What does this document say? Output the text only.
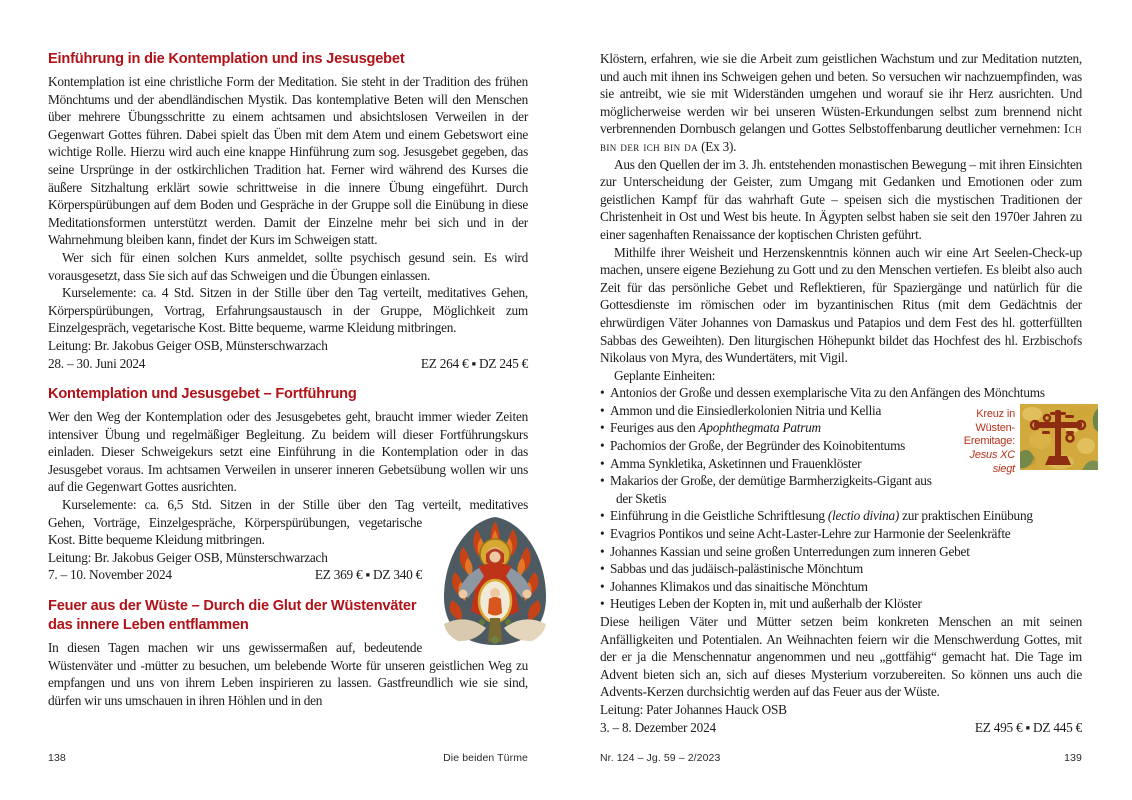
Einführung in die Kontemplation und ins Jesusgebet

Kontemplation ist eine christliche Form der Meditation. Sie steht in der Tradition des frühen Mönchtums und der abendländischen Mystik. Das kontemplative Beten will den Menschen über mehrere Übungsschritte zu einem achtsamen und absichtslosen Verweilen in der Gegenwart Gottes führen. Dabei spielt das Üben mit dem Atem und einem Gebetswort eine wichtige Rolle. Hierzu wird auch eine knappe Hinführung zum sog. Jesusgebet gegeben, das seine Ursprünge in der ostkirchlichen Tradition hat. Ferner wird während des Kurses die äußere Sitzhaltung erklärt sowie schrittweise in die innere Übung eingeführt. Durch Körperspürübungen auf dem Boden und Gespräche in der Gruppe soll die Einübung in diese Meditationsformen unterstützt werden. Damit der Einzelne mehr bei sich und in der Wahrnehmung bleiben kann, findet der Kurs im Schweigen statt.

Wer sich für einen solchen Kurs anmeldet, sollte psychisch gesund sein. Es wird vorausgesetzt, dass Sie sich auf das Schweigen und die Übungen einlassen.

Kurselemente: ca. 4 Std. Sitzen in der Stille über den Tag verteilt, meditatives Gehen, Körperspürübungen, Vortrag, Erfahrungsaustausch in der Gruppe, Möglichkeit zum Einzelgespräch, vegetarische Kost. Bitte bequeme, warme Kleidung mitbringen.

Leitung: Br. Jakobus Geiger OSB, Münsterschwarzach

EZ 264 € ▪ DZ 245 €
28. – 30. Juni 2024
Kontemplation und Jesusgebet – Fortführung

Wer den Weg der Kontemplation oder des Jesusgebetes geht, braucht immer wieder Zeiten intensiver Übung und regelmäßiger Begleitung. Zu beidem will dieser Fortführungskurs einladen. Dieser Schweigekurs setzt eine Einführung in die Kontemplation oder in das Jesusgebet voraus. Im achtsamen Verweilen in unserer inneren Gebetsübung wollen wir uns auf die Gegenwart Gottes ausrichten.

Kurselemente: ca. 6,5 Std. Sitzen in der Stille über den Tag verteilt, meditatives

Gehen, Vorträge, Einzelgespräche, Körperspürübungen, vegetarische Kost. Bitte bequeme Kleidung mitbringen.

Leitung: Br. Jakobus Geiger OSB, Münsterschwarzach

EZ 369 € ▪ DZ 340 €
7. – 10. November 2024
Feuer aus der Wüste – Durch die Glut der Wüstenväter das innere Leben entflammen

In diesen Tagen machen wir uns gewissermaßen auf, bedeutende Wüstenväter und -mütter zu besuchen, um belebende Worte für unseren geistlichen Weg zu empfangen und uns von ihrem Leben inspirieren zu lassen. Gastfreundlich wie sie sind, dürfen wir uns umschauen in ihren Höhlen und in den

138	Die beiden Türme

Klöstern, erfahren, wie sie die Arbeit zum geistlichen Wachstum und zur Meditation nutzten, und auch mit ihnen ins Schweigen gehen und beten. So versuchen wir nachzuempfinden, was sie antreibt, wie sie mit Widerständen umgehen und worauf sie ihr Herz ausrichten. Und möglicherweise werden wir bei unseren Wüsten-Erkundungen selbst zum brennend nicht verbrennenden Dornbusch gelangen und Gottes Selbstoffenbarung deutlicher vernehmen: Ich bin der ich bin da (Ex 3).

Aus den Quellen der im 3. Jh. entstehenden monastischen Bewegung – mit ihren Einsichten zur Unterscheidung der Geister, zum Umgang mit Gedanken und Emotionen oder zum geistlichen Kampf für das wahrhaft Gute – speisen sich die mystischen Traditionen der Christenheit in Ost und West bis heute. In Ägypten selbst haben sie seit den 1970er Jahren zu einer sagenhaften Renaissance der koptischen Christen geführt.

Mithilfe ihrer Weisheit und Herzenskenntnis können auch wir eine Art Seelen-Check-up machen, unsere eigene Beziehung zu Gott und zu den Menschen vertiefen. Es bleibt also auch Zeit für das persönliche Gebet und Reflektieren, für Spaziergänge und natürlich für die Gottesdienste im römischen oder im byzantinischen Ritus (mit dem Gedächtnis der ehrwürdigen Väter Johannes von Damaskus und Patapios und dem Fest des hl. gotterfüllten Sabbas des Geweihten). Den liturgischen Höhepunkt bildet das Hochfest des hl. Erzbischofs Nikolaus von Myra, des Wundertäters, mit Vigil.

Geplante Einheiten:

• Antonios der Große und dessen exemplarische Vita zu den Anfängen des Mönchtums

Kreuz in
Wüsten-
Eremitage:
Jesus XC siegt
• Ammon und die Einsiedlerkolonien Nitria und Kellia

• Feuriges aus den Apophthegmata Patrum

• Pachomios der Große, der Begründer des Koinobitentums

• Amma Synkletika, Asketinnen und Frauenklöster

• Makarios der Große, der demütige Barmherzigkeits-Gigant aus der Sketis

• Einführung in die Geistliche Schriftlesung (lectio divina) zur praktischen Einübung

• Evagrios Pontikos und seine Acht-Laster-Lehre zur Harmonie der Seelenkräfte

• Johannes Kassian und seine großen Unterredungen zum inneren Gebet

• Sabbas und das judäisch-palästinische Mönchtum

• Johannes Klimakos und das sinaitische Mönchtum

• Heutiges Leben der Kopten in, mit und außerhalb der Klöster

Diese heiligen Väter und Mütter setzen beim konkreten Menschen an mit seinen Anfälligkeiten und Potentialen. An Weihnachten feiern wir die Menschwerdung Gottes, mit der er ja die Menschennatur angenommen und neu „gottfähig“ gemacht hat. Die Tage im Advent bieten sich an, sich auf dieses Mysterium vorzubereiten. So können uns auch die Advents-Kerzen durchsichtig werden auf das Feuer aus der Wüste.

Leitung: Pater Johannes Hauck OSB

EZ 495 € ▪ DZ 445 €
3. – 8. Dezember 2024
Nr. 124 – Jg. 59 – 2/2023	139
